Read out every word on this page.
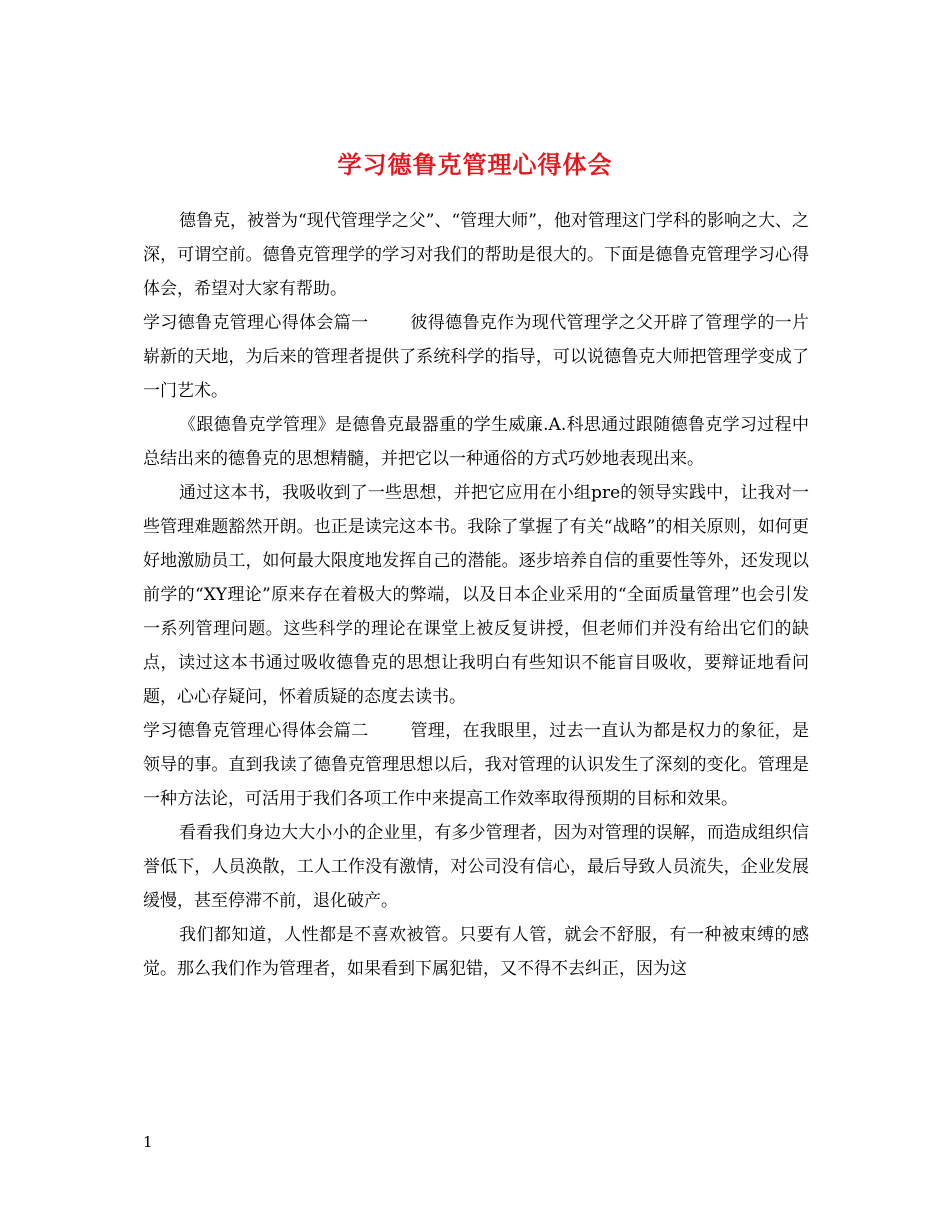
学习德鲁克管理心得体会

德鲁克，被誉为“现代管理学之父”、“管理大师”，他对管理这门学科的影响之大、之深，可谓空前。德鲁克管理学的学习对我们的帮助是很大的。下面是德鲁克管理学习心得体会，希望对大家有帮助。

学习德鲁克管理心得体会篇一 彼得德鲁克作为现代管理学之父开辟了管理学的一片崭新的天地，为后来的管理者提供了系统科学的指导，可以说德鲁克大师把管理学变成了一门艺术。

《跟德鲁克学管理》是德鲁克最器重的学生威廉.A.科思通过跟随德鲁克学习过程中总结出来的德鲁克的思想精髓，并把它以一种通俗的方式巧妙地表现出来。

通过这本书，我吸收到了一些思想，并把它应用在小组pre的领导实践中，让我对一些管理难题豁然开朗。也正是读完这本书。我除了掌握了有关“战略”的相关原则，如何更好地激励员工，如何最大限度地发挥自己的潜能。逐步培养自信的重要性等外，还发现以前学的“XY理论”原来存在着极大的弊端，以及日本企业采用的“全面质量管理”也会引发一系列管理问题。这些科学的理论在课堂上被反复讲授，但老师们并没有给出它们的缺点，读过这本书通过吸收德鲁克的思想让我明白有些知识不能盲目吸收，要辩证地看问题，心心存疑问，怀着质疑的态度去读书。

学习德鲁克管理心得体会篇二 管理，在我眼里，过去一直认为都是权力的象征，是领导的事。直到我读了德鲁克管理思想以后，我对管理的认识发生了深刻的变化。管理是一种方法论，可活用于我们各项工作中来提高工作效率取得预期的目标和效果。

看看我们身边大大小小的企业里，有多少管理者，因为对管理的误解，而造成组织信誉低下，人员涣散，工人工作没有激情，对公司没有信心，最后导致人员流失，企业发展缓慢，甚至停滞不前，退化破产。

我们都知道，人性都是不喜欢被管。只要有人管，就会不舒服，有一种被束缚的感觉。那么我们作为管理者，如果看到下属犯错，又不得不去纠正，因为这

1
